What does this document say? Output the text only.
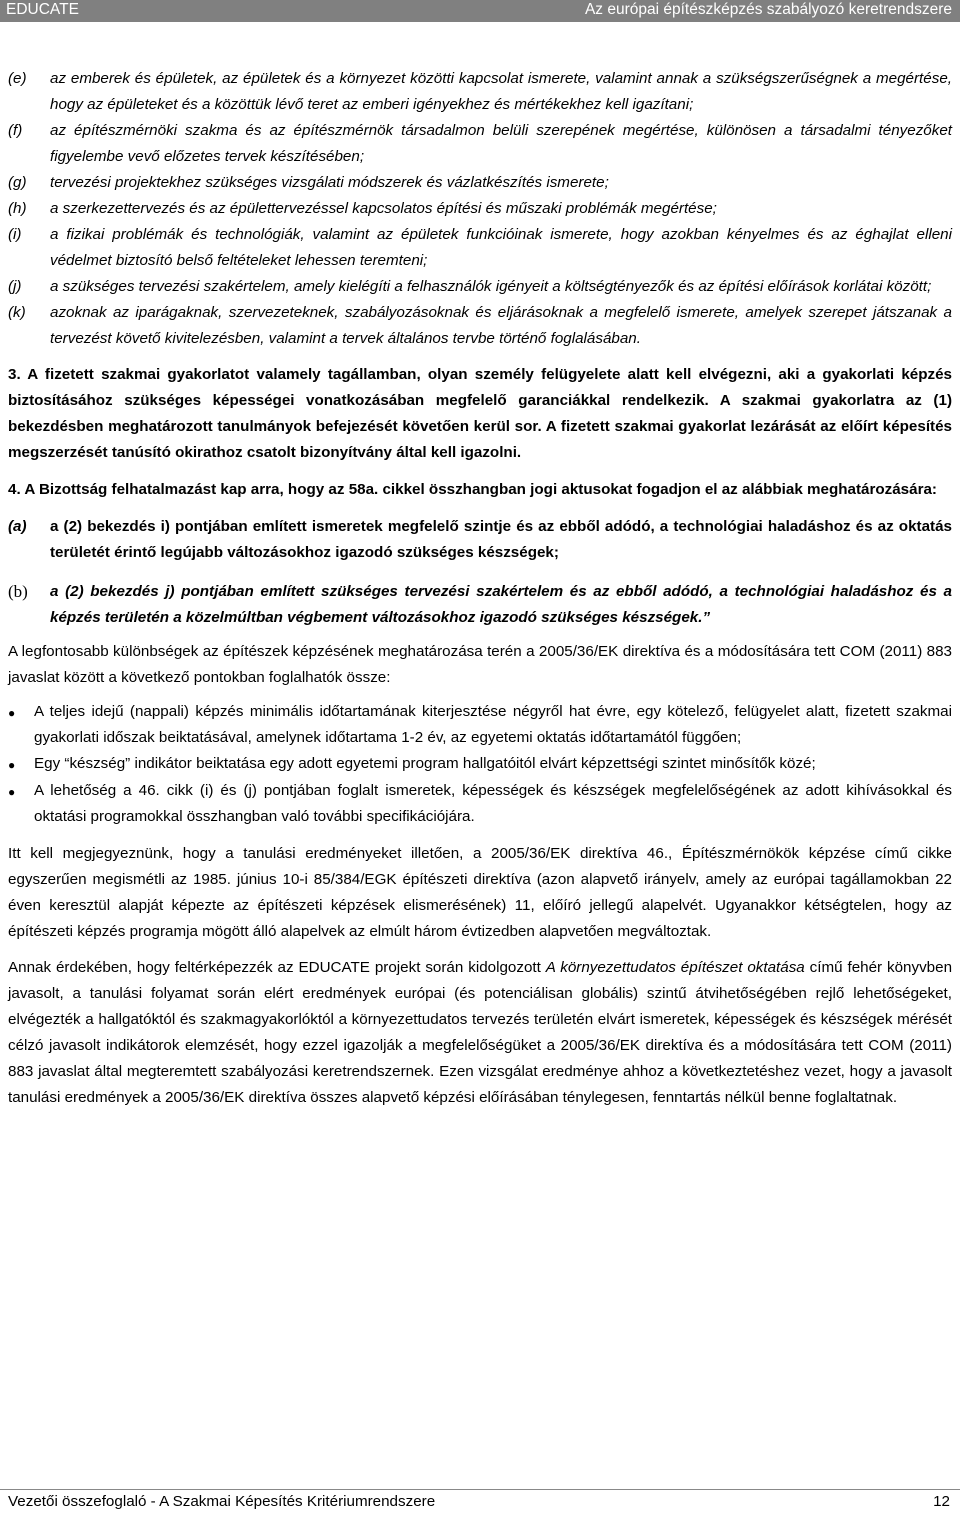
EDUCATE	Az európai építészképzés szabályozó keretrendszere
(e)	az emberek és épületek, az épületek és a környezet közötti kapcsolat ismerete, valamint annak a szükségszerűségnek a megértése, hogy az épületeket és a közöttük lévő teret az emberi igényekhez és mértékekhez kell igazítani;
(f)	az építészmérnöki szakma és az építészmérnök társadalmon belüli szerepének megértése, különösen a társadalmi tényezőket figyelembe vevő előzetes tervek készítésében;
(g)	tervezési projektekhez szükséges vizsgálati módszerek és vázlatkészítés ismerete;
(h)	a szerkezettervezés és az épülettervezéssel kapcsolatos építési és műszaki problémák megértése;
(i)	a fizikai problémák és technológiák, valamint az épületek funkcióinak ismerete, hogy azokban kényelmes és az éghajlat elleni védelmet biztosító belső feltételeket lehessen teremteni;
(j)	a szükséges tervezési szakértelem, amely kielégíti a felhasználók igényeit a költségtényezők és az építési előírások korlátai között;
(k)	azoknak az iparágaknak, szervezeteknek, szabályozásoknak és eljárásoknak a megfelelő ismerete, amelyek szerepet játszanak a tervezést követő kivitelezésben, valamint a tervek általános tervbe történő foglalásában.
3. A fizetett szakmai gyakorlatot valamely tagállamban, olyan személy felügyelete alatt kell elvégezni, aki a gyakorlati képzés biztosításához szükséges képességei vonatkozásában megfelelő garanciákkal rendelkezik. A szakmai gyakorlatra az (1) bekezdésben meghatározott tanulmányok befejezését követően kerül sor. A fizetett szakmai gyakorlat lezárását az előírt képesítés megszerzését tanúsító okirathoz csatolt bizonyítvány által kell igazolni.
4. A Bizottság felhatalmazást kap arra, hogy az 58a. cikkel összhangban jogi aktusokat fogadjon el az alábbiak meghatározására:
(a)	a (2) bekezdés i) pontjában említett ismeretek megfelelő szintje és az ebből adódó, a technológiai haladáshoz és az oktatás területét érintő legújabb változásokhoz igazodó szükséges készségek;
(b)	a (2) bekezdés j) pontjában említett szükséges tervezési szakértelem és az ebből adódó, a technológiai haladáshoz és a képzés területén a közelmúltban végbement változásokhoz igazodó szükséges készségek.”
A legfontosabb különbségek az építészek képzésének meghatározása terén a 2005/36/EK direktíva és a módosítására tett COM (2011) 883 javaslat között a következő pontokban foglalhatók össze:
●	A teljes idejű (nappali) képzés minimális időtartamának kiterjesztése négyről hat évre, egy kötelező, felügyelet alatt, fizetett szakmai gyakorlati időszak beiktatásával, amelynek időtartama 1-2 év, az egyetemi oktatás időtartamától függően;
●	Egy “készség” indikátor beiktatása egy adott egyetemi program hallgatóitól elvárt képzettségi szintet minősítők közé;
●	A lehetőség a 46. cikk (i) és (j) pontjában foglalt ismeretek, képességek és készségek megfelelőségének az adott kihívásokkal és oktatási programokkal összhangban való további specifikációjára.
Itt kell megjegyeznünk, hogy a tanulási eredményeket illetően, a 2005/36/EK direktíva 46., Építészmérnökök képzése című cikke egyszerűen megismétli az 1985. június 10-i 85/384/EGK építészeti direktíva (azon alapvető irányelv, amely az európai tagállamokban 22 éven keresztül alapját képezte az építészeti képzések elismerésének) 11, előíró jellegű alapelvét. Ugyanakkor kétségtelen, hogy az építészeti képzés programja mögött álló alapelvek az elmúlt három évtizedben alapvetően megváltoztak.
Annak érdekében, hogy feltérképezzék az EDUCATE projekt során kidolgozott A környezettudatos építészet oktatása című fehér könyvben javasolt, a tanulási folyamat során elért eredmények európai (és potenciálisan globális) szintű átvihetőségében rejlő lehetőségeket, elvégezték a hallgatóktól és szakmagyakorlóktól a környezettudatos tervezés területén elvárt ismeretek, képességek és készségek mérését célzó javasolt indikátorok elemzését, hogy ezzel igazolják a megfelelőségüket a 2005/36/EK direktíva és a módosítására tett COM (2011) 883 javaslat által megteremtett szabályozási keretrendszernek. Ezen vizsgálat eredménye ahhoz a következtetéshez vezet, hogy a javasolt tanulási eredmények a 2005/36/EK direktíva összes alapvető képzési előírásában ténylegesen, fenntartás nélkül benne foglaltatnak.
Vezetői összefoglaló - A Szakmai Képesítés Kritériumrendszere	12
